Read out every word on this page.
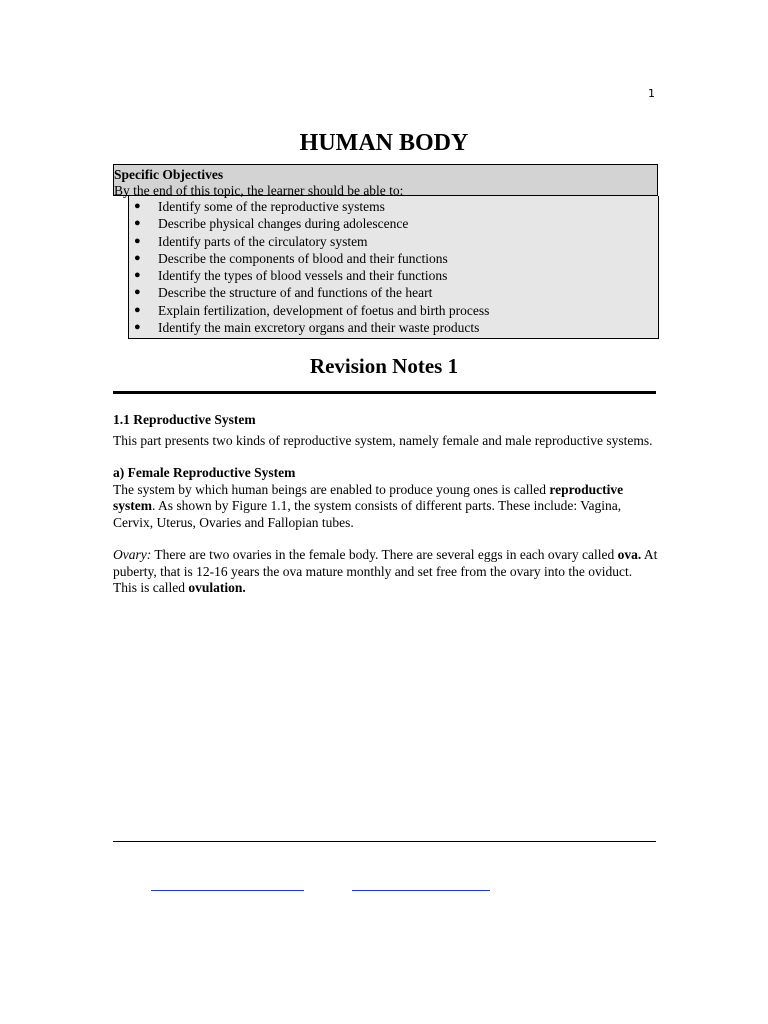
1
HUMAN BODY
Specific Objectives
By the end of this topic, the learner should be able to:
● Identify some of the reproductive systems
● Describe physical changes during adolescence
● Identify parts of the circulatory system
● Describe the components of blood and their functions
● Identify the types of blood vessels and their functions
● Describe the structure of and functions of the heart
● Explain fertilization, development of foetus and birth process
● Identify the main excretory organs and their waste products
Revision Notes 1

1.1 Reproductive System

This part presents two kinds of reproductive system, namely female and male reproductive systems.

a) Female Reproductive System

The system by which human beings are enabled to produce young ones is called reproductive system. As shown by Figure 1.1, the system consists of different parts. These include: Vagina, Cervix, Uterus, Ovaries and Fallopian tubes.

Ovary: There are two ovaries in the female body. There are several eggs in each ovary called ova. At puberty, that is 12-16 years the ova mature monthly and set free from the ovary into the oviduct. This is called ovulation.
